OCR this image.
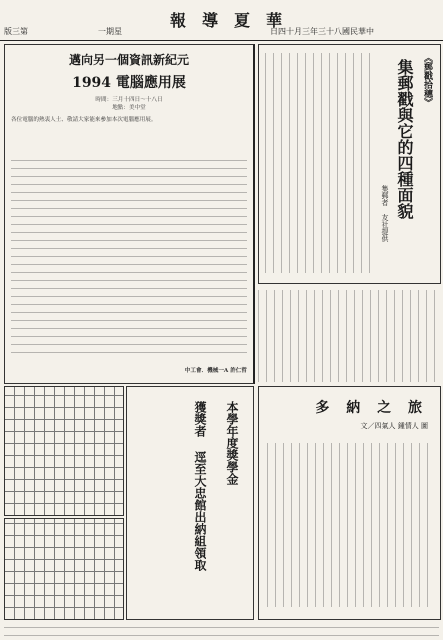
版三第	一期星
報導夏華
日四十月三年三十八國民華中
邁向另一個資訊新紀元
1994 電腦應用展
時間：三月十四日～十八日
地點：美中堂
各位電腦的熱衷人士、敬請大家能來參加本次電腦應用展。
中工會．機械一A 許仁哲
《郵戳拾穗》
集郵戳與它的四種面貌
集郵者 友社提供
本學年度獎學金
獲獎者 逕至大忠館出納組領取	多 納 之 旅
文／四氣人 鍾情人 圖
